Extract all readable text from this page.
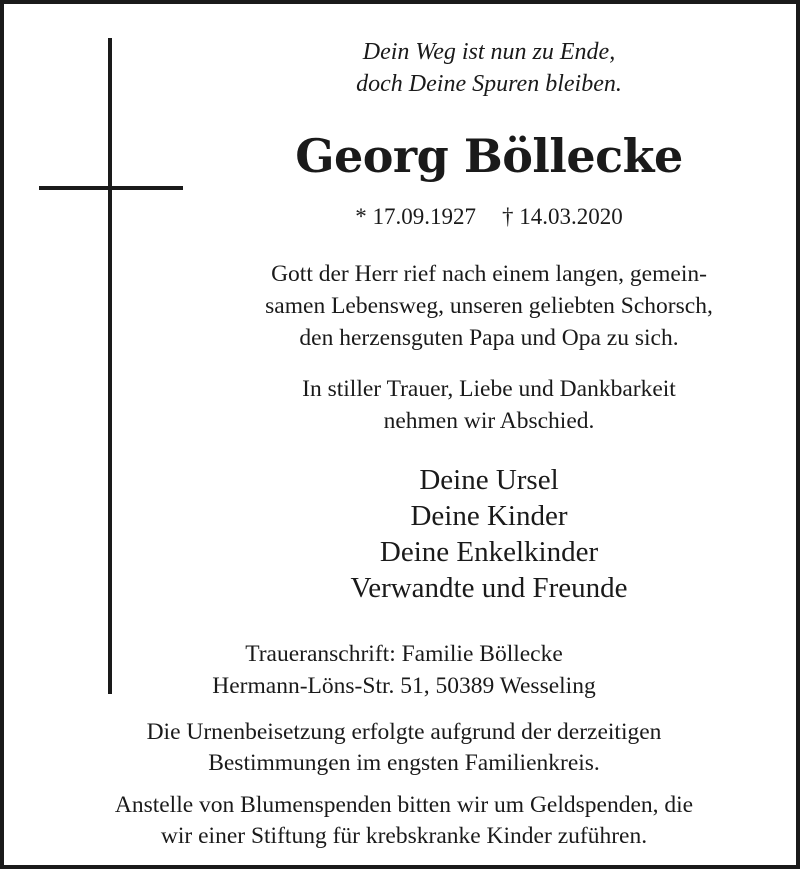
Dein Weg ist nun zu Ende,
doch Deine Spuren bleiben.
Georg Böllecke
* 17.09.1927 † 14.03.2020
Gott der Herr rief nach einem langen, gemein-
samen Lebensweg, unseren geliebten Schorsch,
den herzensguten Papa und Opa zu sich.
In stiller Trauer, Liebe und Dankbarkeit
nehmen wir Abschied.
Deine Ursel
Deine Kinder
Deine Enkelkinder
Verwandte und Freunde
Traueranschrift: Familie Böllecke
Hermann-Löns-Str. 51, 50389 Wesseling
Die Urnenbeisetzung erfolgte aufgrund der derzeitigen
Bestimmungen im engsten Familienkreis.
Anstelle von Blumenspenden bitten wir um Geldspenden, die
wir einer Stiftung für krebskranke Kinder zuführen.
